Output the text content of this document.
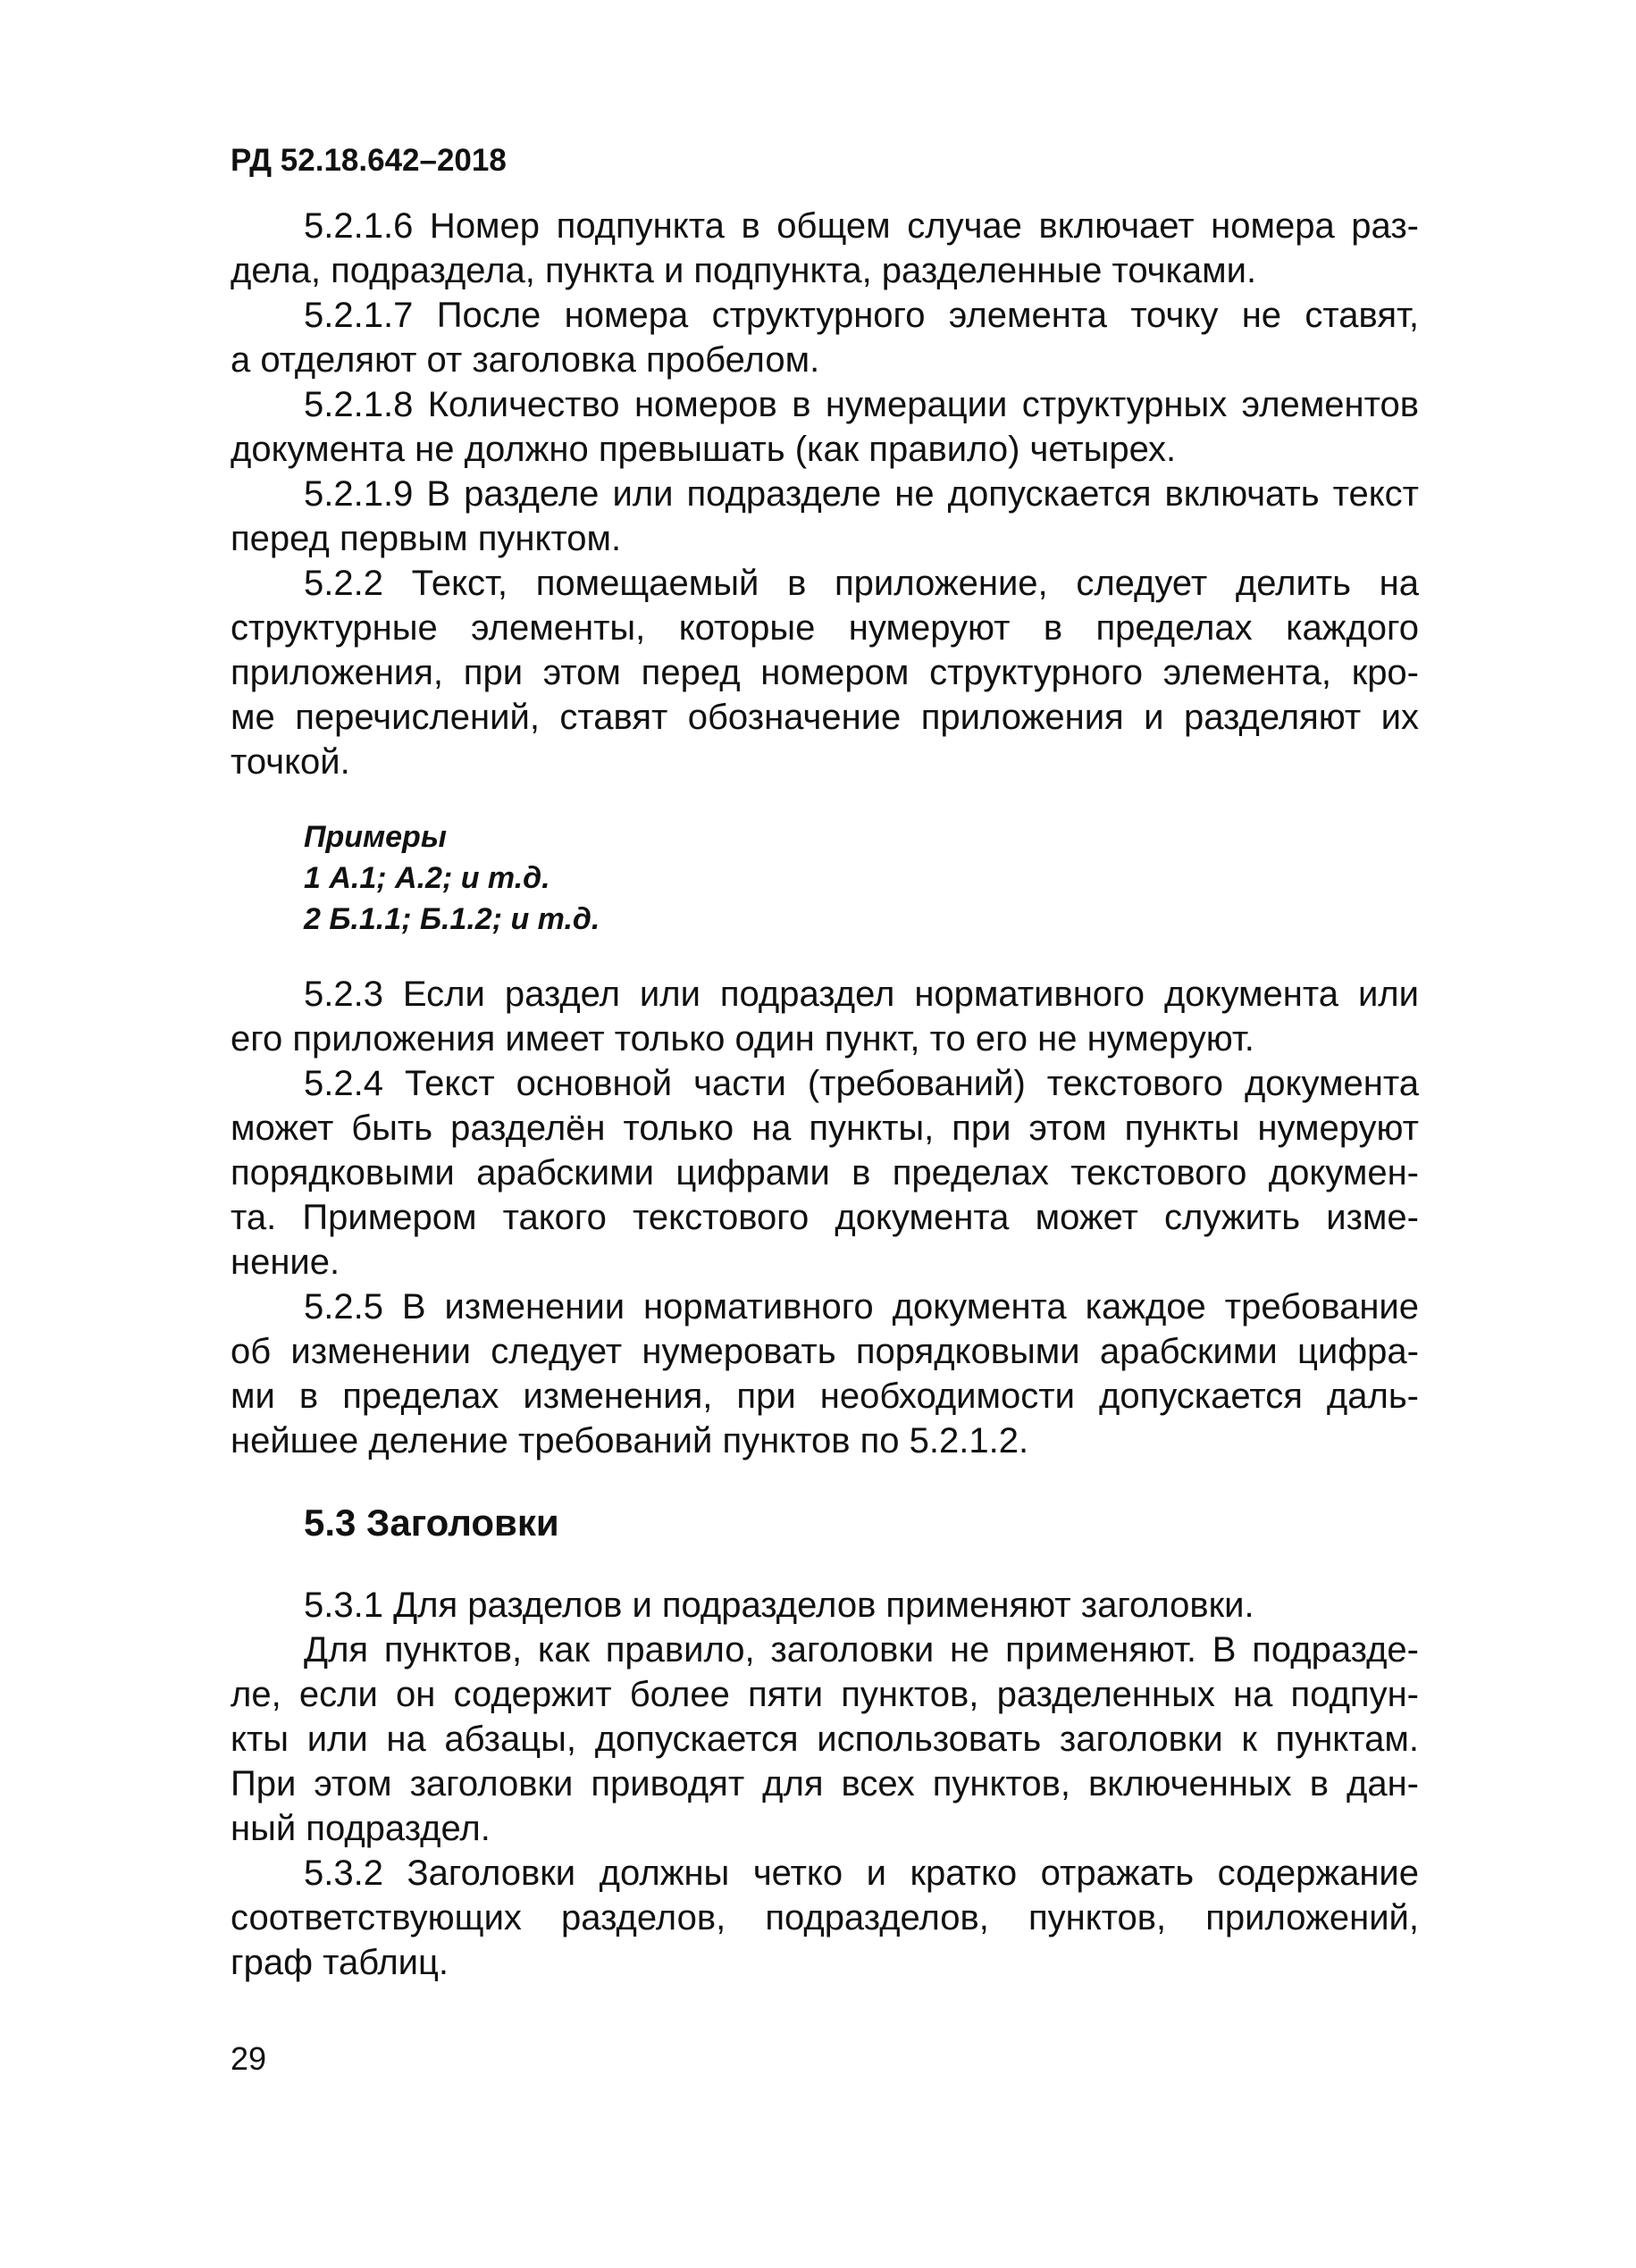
РД 52.18.642–2018
5.2.1.6 Номер подпункта в общем случае включает номера раз-
дела, подраздела, пункта и подпункта, разделенные точками.
5.2.1.7 После номера структурного элемента точку не ставят,
а отделяют от заголовка пробелом.
5.2.1.8 Количество номеров в нумерации структурных элементов
документа не должно превышать (как правило) четырех.
5.2.1.9 В разделе или подразделе не допускается включать текст
перед первым пунктом.
5.2.2 Текст, помещаемый в приложение, следует делить на
структурные элементы, которые нумеруют в пределах каждого
приложения, при этом перед номером структурного элемента, кро-
ме перечислений, ставят обозначение приложения и разделяют их
точкой.
Примеры
1 А.1; А.2; и т.д.
2 Б.1.1; Б.1.2; и т.д.
5.2.3 Если раздел или подраздел нормативного документа или
его приложения имеет только один пункт, то его не нумеруют.
5.2.4 Текст основной части (требований) текстового документа
может быть разделён только на пункты, при этом пункты нумеруют
порядковыми арабскими цифрами в пределах текстового докумен-
та. Примером такого текстового документа может служить изме-
нение.
5.2.5 В изменении нормативного документа каждое требование
об изменении следует нумеровать порядковыми арабскими цифра-
ми в пределах изменения, при необходимости допускается даль-
нейшее деление требований пунктов по 5.2.1.2.
5.3 Заголовки
5.3.1 Для разделов и подразделов применяют заголовки.
Для пунктов, как правило, заголовки не применяют. В подразде-
ле, если он содержит более пяти пунктов, разделенных на подпун-
кты или на абзацы, допускается использовать заголовки к пунктам.
При этом заголовки приводят для всех пунктов, включенных в дан-
ный подраздел.
5.3.2 Заголовки должны четко и кратко отражать содержание
соответствующих разделов, подразделов, пунктов, приложений,
граф таблиц.
29
